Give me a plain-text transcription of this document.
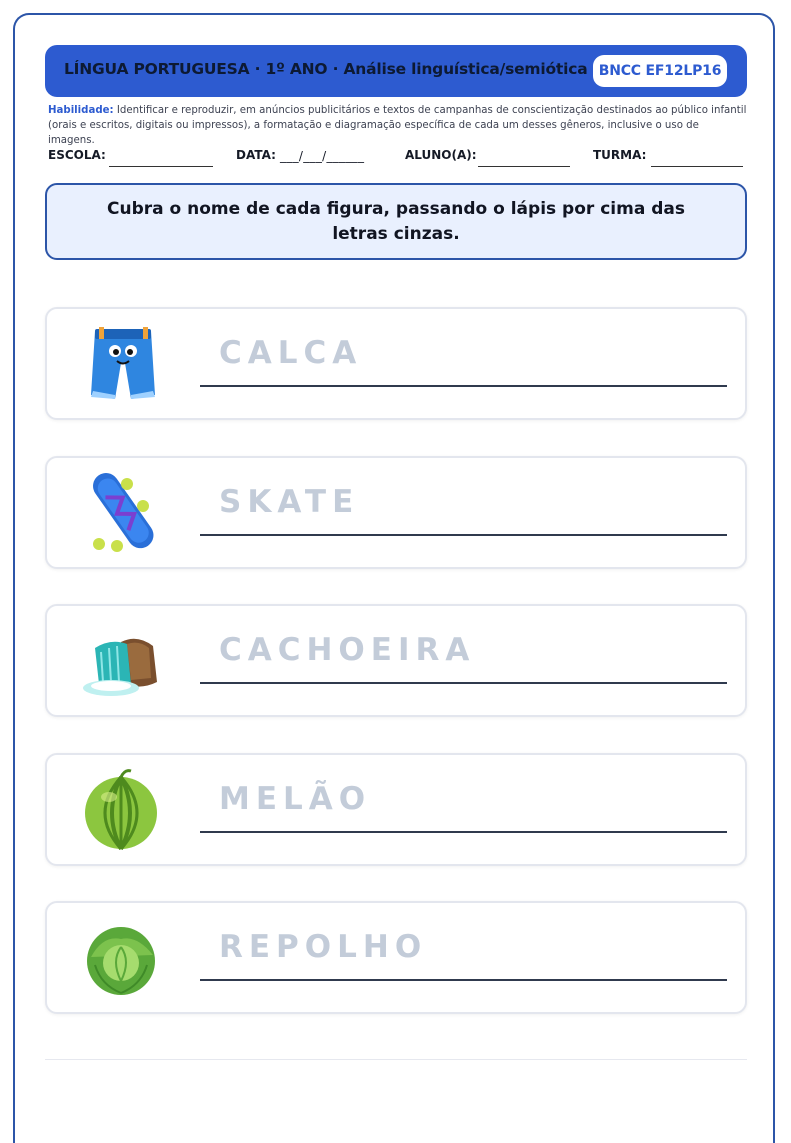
LÍNGUA PORTUGUESA · 1º ANO · Análise linguística/semiótica BNCC EF12LP16
Habilidade: Identificar e reproduzir, em anúncios publicitários e textos de campanhas de conscientização destinados ao público infantil (orais e escritos, digitais ou impressos), a formatação e diagramação específica de cada um desses gêneros, inclusive o uso de imagens.
ESCOLA:	DATA: ___/___/______	ALUNO(A):	TURMA:
Cubra o nome de cada figura, passando o lápis por cima das letras cinzas.
CALCA
SKATE
CACHOEIRA
MELÃO
REPOLHO
